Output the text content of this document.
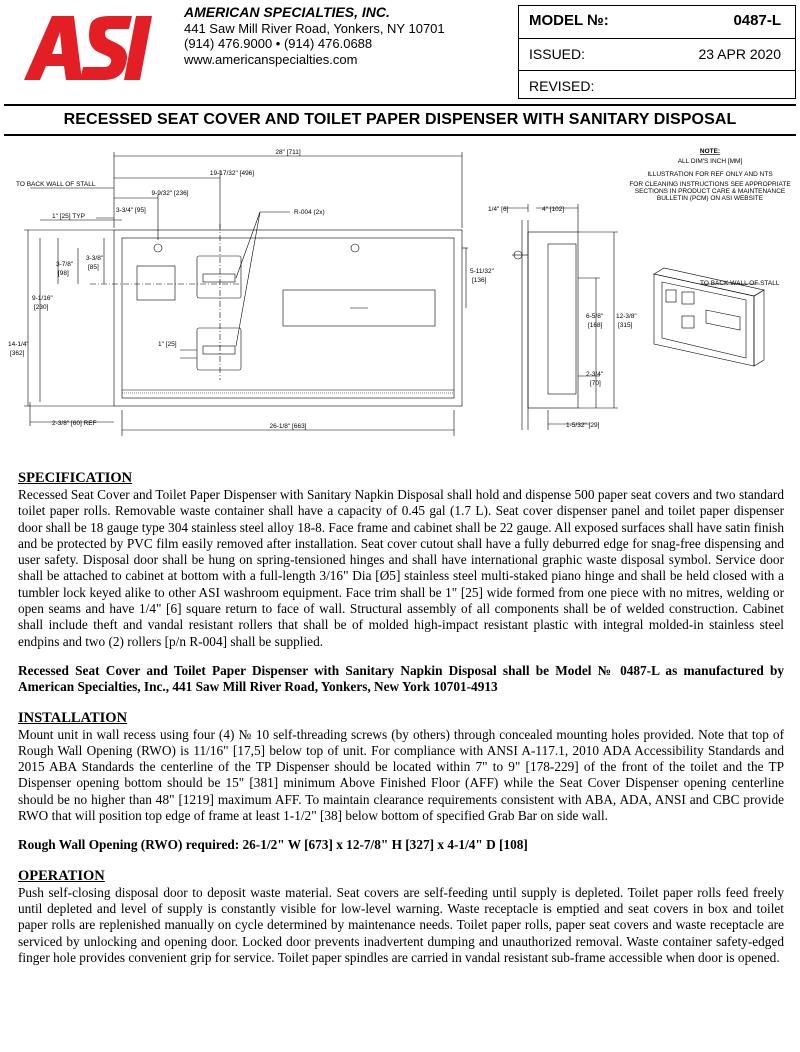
ASI	AMERICAN SPECIALTIES, INC.
441 Saw Mill River Road, Yonkers, NY 10701
(914) 476.9000 • (914) 476.0688
www.americanspecialties.com
MODEL №:	0487-L
ISSUED:	23 APR 2020
REVISED:
RECESSED SEAT COVER AND TOILET PAPER DISPENSER WITH SANITARY DISPOSAL
NOTE:
ALL DIM'S INCH [MM]
ILLUSTRATION FOR REF ONLY AND NTS
FOR CLEANING INSTRUCTIONS SEE APPROPRIATE
SECTIONS IN PRODUCT CARE & MAINTENANCE
BULLETIN (PCM) ON ASI WEBSITE
TO BACK WALL OF STALL
28" [711]
19-17/32" [496]
9-9/32" [236]
1" [25] TYP
3-3/4" [95]	R-004 (2x)
3-7/8"
[98]
3-3/8"
[85]
9-1/16"
[230]
14-1/4"
[362]
1" [25]
5-11/32"
[136]
2-3/8" [60] REF	26-1/8" [663]
1/4" [6]	4" [102]
6-5/8"
[168]
12-3/8"
[315]
2-3/4"
[70]
1-5/32" [29]
TO BACK WALL OF STALL
SPECIFICATION

Recessed Seat Cover and Toilet Paper Dispenser with Sanitary Napkin Disposal shall hold and dispense 500 paper seat covers and two standard toilet paper rolls. Removable waste container shall have a capacity of 0.45 gal (1.7 L). Seat cover dispenser panel and toilet paper dispenser door shall be 18 gauge type 304 stainless steel alloy 18-8. Face frame and cabinet shall be 22 gauge. All exposed surfaces shall have satin finish and be protected by PVC film easily removed after installation. Seat cover cutout shall have a fully deburred edge for snag-free dispensing and user safety. Disposal door shall be hung on spring-tensioned hinges and shall have international graphic waste disposal symbol. Service door shall be attached to cabinet at bottom with a full-length 3/16" Dia [Ø5] stainless steel multi-staked piano hinge and shall be held closed with a tumbler lock keyed alike to other ASI washroom equipment. Face trim shall be 1" [25] wide formed from one piece with no mitres, welding or open seams and have 1/4" [6] square return to face of wall. Structural assembly of all components shall be of welded construction. Cabinet shall include theft and vandal resistant rollers that shall be of molded high-impact resistant plastic with integral molded-in stainless steel endpins and two (2) rollers [p/n R-004] shall be supplied.

Recessed Seat Cover and Toilet Paper Dispenser with Sanitary Napkin Disposal shall be Model № 0487-L as manufactured by American Specialties, Inc., 441 Saw Mill River Road, Yonkers, New York 10701-4913

INSTALLATION

Mount unit in wall recess using four (4) № 10 self-threading screws (by others) through concealed mounting holes provided. Note that top of Rough Wall Opening (RWO) is 11/16" [17,5] below top of unit. For compliance with ANSI A-117.1, 2010 ADA Accessibility Standards and 2015 ABA Standards the centerline of the TP Dispenser should be located within 7" to 9" [178-229] of the front of the toilet and the TP Dispenser opening bottom should be 15" [381] minimum Above Finished Floor (AFF) while the Seat Cover Dispenser opening centerline should be no higher than 48" [1219] maximum AFF. To maintain clearance requirements consistent with ABA, ADA, ANSI and CBC provide RWO that will position top edge of frame at least 1-1/2" [38] below bottom of specified Grab Bar on side wall.

Rough Wall Opening (RWO) required: 26-1/2" W [673] x 12-7/8" H [327] x 4-1/4" D [108]

OPERATION

Push self-closing disposal door to deposit waste material. Seat covers are self-feeding until supply is depleted. Toilet paper rolls feed freely until depleted and level of supply is constantly visible for low-level warning. Waste receptacle is emptied and seat covers in box and toilet paper rolls are replenished manually on cycle determined by maintenance needs. Toilet paper rolls, paper seat covers and waste receptacle are serviced by unlocking and opening door. Locked door prevents inadvertent dumping and unauthorized removal. Waste container safety-edged finger hole provides convenient grip for service. Toilet paper spindles are carried in vandal resistant sub-frame accessible when door is opened.
